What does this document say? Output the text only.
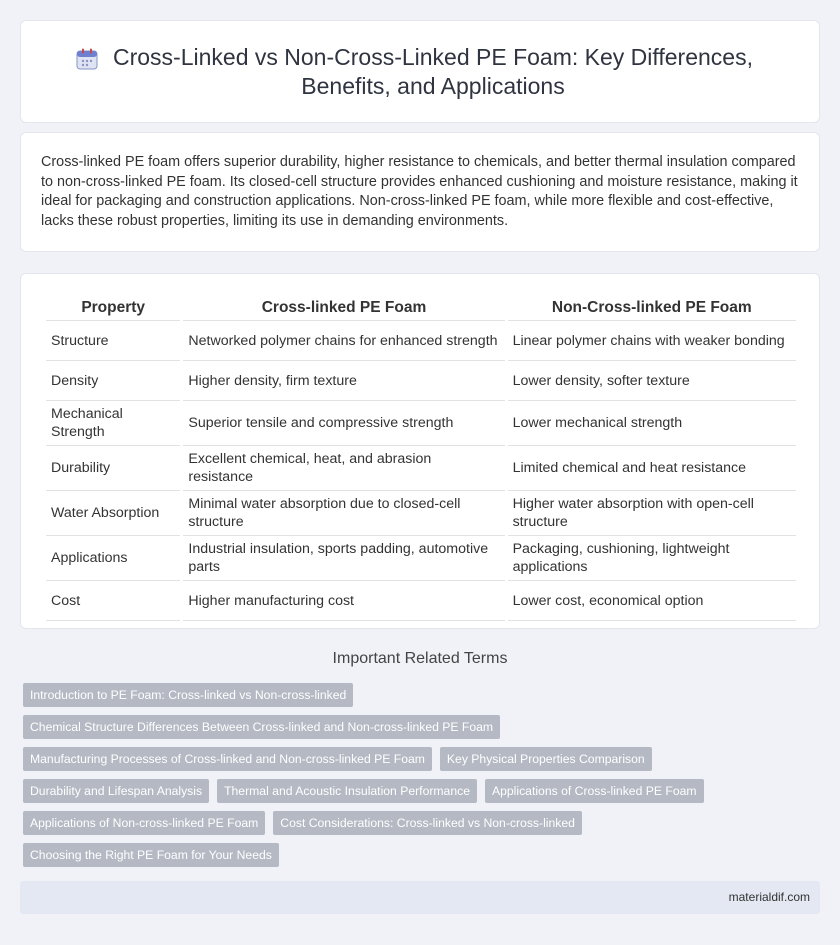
Cross-Linked vs Non-Cross-Linked PE Foam: Key Differences, Benefits, and Applications

Cross-linked PE foam offers superior durability, higher resistance to chemicals, and better thermal insulation compared to non-cross-linked PE foam. Its closed-cell structure provides enhanced cushioning and moisture resistance, making it ideal for packaging and construction applications. Non-cross-linked PE foam, while more flexible and cost-effective, lacks these robust properties, limiting its use in demanding environments.

Property	Cross-linked PE Foam	Non-Cross-linked PE Foam
Structure	Networked polymer chains for enhanced strength	Linear polymer chains with weaker bonding
Density	Higher density, firm texture	Lower density, softer texture
Mechanical Strength	Superior tensile and compressive strength	Lower mechanical strength
Durability	Excellent chemical, heat, and abrasion resistance	Limited chemical and heat resistance
Water Absorption	Minimal water absorption due to closed-cell structure	Higher water absorption with open-cell structure
Applications	Industrial insulation, sports padding, automotive parts	Packaging, cushioning, lightweight applications
Cost	Higher manufacturing cost	Lower cost, economical option
Important Related Terms
Introduction to PE Foam: Cross-linked vs Non-cross-linked
Chemical Structure Differences Between Cross-linked and Non-cross-linked PE Foam
Manufacturing Processes of Cross-linked and Non-cross-linked PE Foam	Key Physical Properties Comparison
Durability and Lifespan Analysis	Thermal and Acoustic Insulation Performance	Applications of Cross-linked PE Foam
Applications of Non-cross-linked PE Foam	Cost Considerations: Cross-linked vs Non-cross-linked
Choosing the Right PE Foam for Your Needs
materialdif.com
